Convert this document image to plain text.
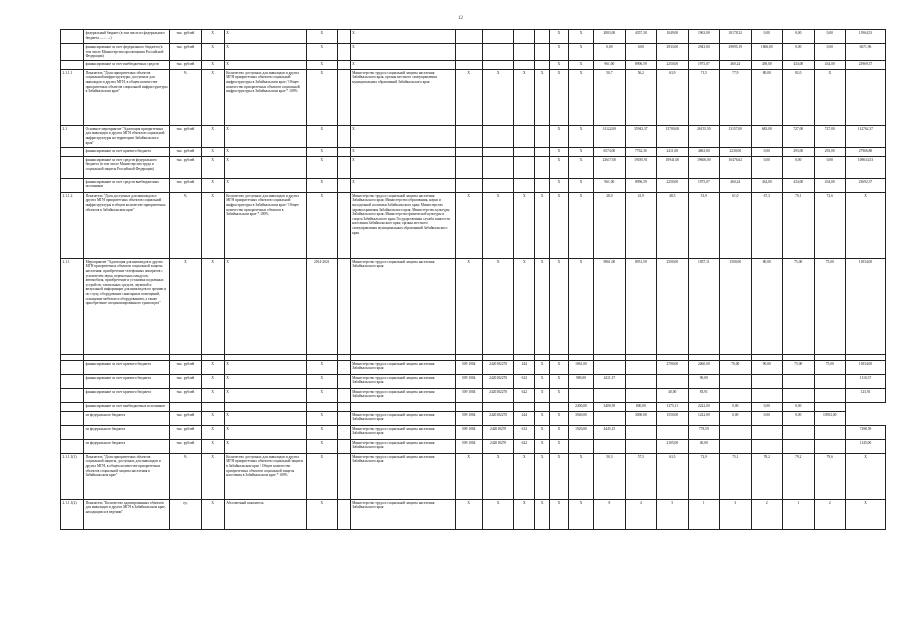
12
	федеральный бюджет (в том числе из федерального бюджета — ‹…›)	тыс. рублей	Х	Х	Х		Х					Х	Х	2803,00	4357,30	1049,00	1963,00	10178,32	0,00	0,00	0,00	11964,53
	финансирование за счет федерального бюджета (в том числе Министерства просвещения Российской Федерации)	тыс. рублей	Х	Х	Х		Х					Х	Х	0,00	0,00	2933,00	2943,00	29895,19	1866,00	0,00	0,00	6671,96
	финансирование за счет внебюджетных средств	тыс. рублей	Х	Х	Х		Х					Х	Х	961,00	8906,59	2250,00	1975,07	460,24	439,00	434,00	434,00	23969,37
2.1.1.1	Показатель "Доля приоритетных объектов социальной инфраструктуры, доступных для инвалидов и других МГН, в общем количестве приоритетных объектов социальной инфраструктуры в Забайкальском крае"	%	Х	Количество доступных для инвалидов и других МГН приоритетных объектов социальной инфраструктуры в Забайкальском крае / Общее количество приоритетных объектов социальной инфраструктуры в Забайкальском крае * 100%	Х		Министерство труда и социальной защиты населения Забайкальского края, органы местного самоуправления муниципальных образований Забайкальского края	Х	Х	Х	Х	Х	Х	50,7	56,2	63,9	71,5	77,9	80,00	82,0	Х	
2.1	Основное мероприятие "Адаптация приоритетных для инвалидов и других МГН объектов социальной инфраструктуры на территории Забайкальского края"	тыс. рублей	Х	Х	Х		Х					Х	Х	31122,00	35943,37	15700,00	26155,50	13157,00	683,00	727,00	727,00	112762,37
	финансирование за счет краевого бюджета	тыс. рублей	Х	Х	Х		Х					Х	Х	6574,00	7762,30	2411,00	4663,00	2230,00	0,00	293,00	293,00	27966,80
	финансирование за счет средств федерального бюджета (в том числе Министерства труда и социальной защиты Российской Федерации)	тыс. рублей	Х	Х	Х		Х					Х	Х	23617,00	19185,91	10941,00	19606,00	10476,62	0,00	0,00	0,00	108634,53
	финансирование за счет средств внебюджетных источников	тыс. рублей	Х	Х	Х		Х					Х	Х	961,00	8996,59	2250,00	1975,07	460,24	434,00	434,00	434,00	23692,37
2.1.1.2	Показатель "Доля доступных для инвалидов и других МГН приоритетных объектов социальной инфраструктуры в общем количестве приоритетных объектов в Забайкальском крае"	%	Х	Количество доступных для инвалидов и других МГН приоритетных объектов социальной инфраструктуры в Забайкальском крае / Общее количество приоритетных объектов в Забайкальском крае * 100%	Х		Министерство труда и социальной защиты населения Забайкальского края; Министерство образования, науки и молодежной политики Забайкальского края; Министерство здравоохранения Забайкальского края; Министерство культуры Забайкальского края; Министерство физической культуры и спорта Забайкальского края; Государственная служба занятости населения Забайкальского края; органы местного самоуправления муниципальных образований Забайкальского края	Х	Х	Х	Х	Х	Х	28,0	41,9	48,5	53,9	61,0	67,3	70,1	72,6	Х
2.1.1	Мероприятие "Адаптация для инвалидов и других МГН приоритетных объектов социальной защиты населения: приобретение телефонных аппаратов с усилителем звука, переносных пандусов, автомобиля, приобретение и установка подъемных устройств, тактильных средств, звуковой и визуальной информации для инвалидов по зрению и по слуху, оборудование санитарных помещений, оснащение мебелью и оборудованием, а также приобретение специализированного транспорта"	Х	Х	Х	2014-2021		Министерство труда и социальной защиты населения Забайкальского края	Х	Х	Х	Х	Х	Х	9861,00	8951,59	2500,00	1857,11	1500,00	80,00	75,00	75,00	11834,00

	финансирование за счет краевого бюджета	тыс. рублей	Х	Х	Х		Министерство труда и социальной защиты населения Забайкальского края	509 1004	2420182270	244	Х	Х	1861,00			2700,00	2460,00	70,00	90,00	75,00	75,00	11834,00
	финансирование за счет краевого бюджета	тыс. рублей	Х	Х	Х		Министерство труда и социальной защиты населения Забайкальского края	509 1004	2420182270	612	Х	Х	980,00	2411,37			90,00					1110,37
	финансирование за счет краевого бюджета	тыс. рублей	Х	Х	Х		Министерство труда и социальной защиты населения Забайкальского края	509 1004	2420182270	622	Х	Х				40,00	83,91					123,91
	финансирование за счет внебюджетных источников												2400,00	3400,59	800,00	1375,11	2222,00	0,00	0,00	0,00		
	из федерального бюджета	тыс. рублей	Х	Х	Х		Министерство труда и социальной защиты населения Забайкальского края	509 1004	2420182270	244	Х	Х	3940,00		3000,00	1550,00	1222,00	0,00	0,00	0,00	10952,00	
	из федерального бюджета	тыс. рублей	Х	Х	Х		Министерство труда и социальной защиты населения Забайкальского края	509 1004	242018270	612	Х	Х	1920,00	4445,15			778,59					7298,59
	из федерального бюджета	тыс. рублей	Х	Х	Х		Министерство труда и социальной защиты населения Забайкальского края	509 1004	242018270	622	Х	Х				2105,00	40,00					1145,00
2.1.1.1(1)	Показатель "Доля приоритетных объектов социальной защиты, доступных для инвалидов и других МГН, в общем количестве приоритетных объектов социальной защиты населения в Забайкальском крае"	%	Х	Количество доступных для инвалидов и других МГН приоритетных объектов социальной защиты в Забайкальском крае / Общее количество приоритетных объектов социальной защиты населения в Забайкальском крае * 100%	Х		Министерство труда и социальной защиты населения Забайкальского края	Х	Х	Х	Х	Х	Х	50,3	57,5	63,5	72,9	75,1	78,2	79,2	79,6	Х
2.1.1.1(2)	Показатель "Количество адаптированных объектов для инвалидов и других МГН в Забайкальском крае, находящихся в ведении"	ед.	Х	Абсолютный показатель	Х		Министерство труда и социальной защиты населения Забайкальского края	Х	Х	Х	Х	Х	Х	8	4	5	1	3	2	1	2	Х
